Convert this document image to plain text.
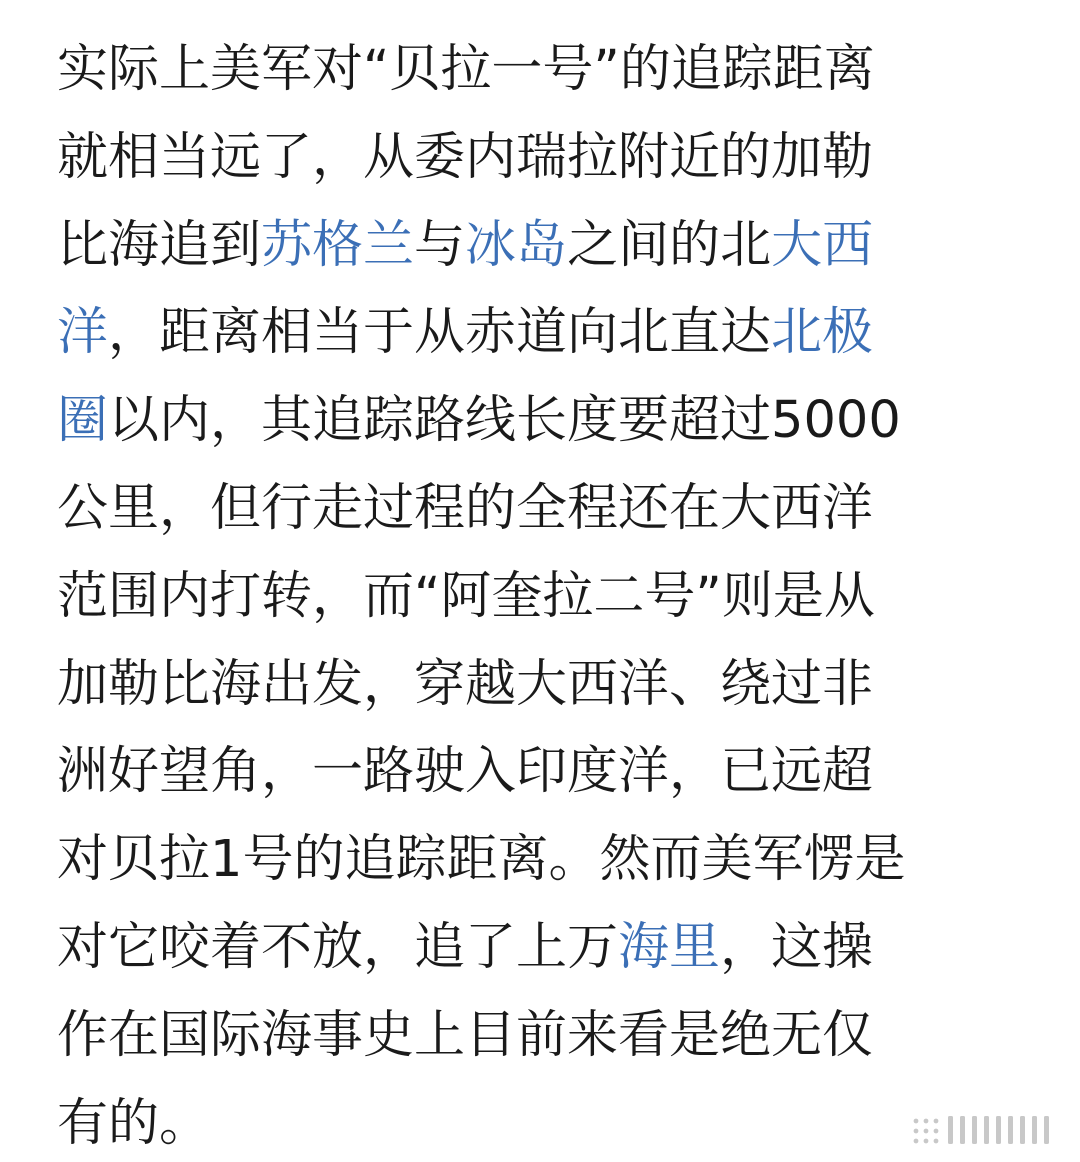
实际上美军对“贝拉一号”的追踪距离
就相当远了，从委内瑞拉附近的加勒
比海追到苏格兰与冰岛之间的北大西
洋，距离相当于从赤道向北直达北极
圈以内，其追踪路线长度要超过5000
公里，但行走过程的全程还在大西洋
范围内打转，而“阿奎拉二号”则是从
加勒比海出发，穿越大西洋、绕过非
洲好望角，一路驶入印度洋，已远超
对贝拉1号的追踪距离。然而美军愣是
对它咬着不放，追了上万海里，这操
作在国际海事史上目前来看是绝无仅
有的。
